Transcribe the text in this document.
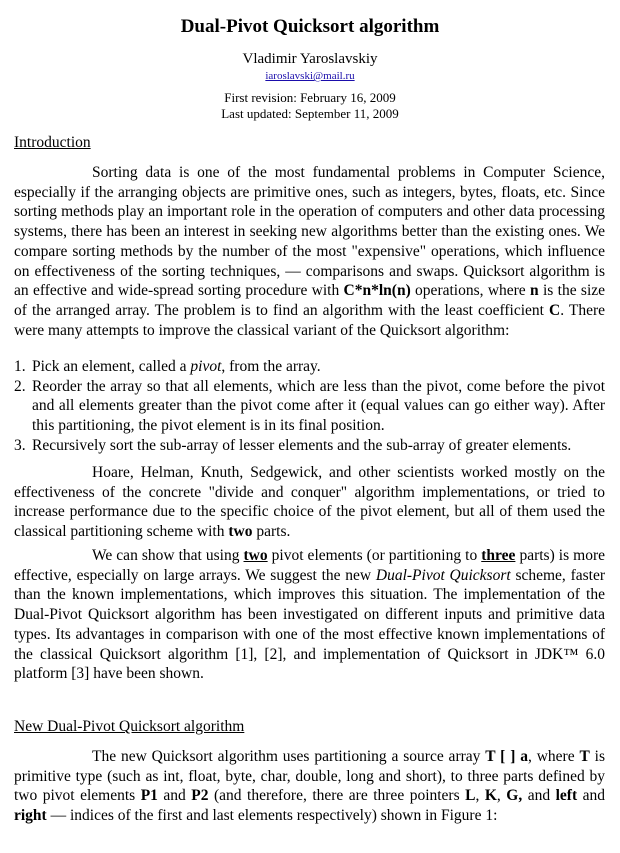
Dual-Pivot Quicksort algorithm
Vladimir Yaroslavskiy
iaroslavski@mail.ru
First revision: February 16, 2009
Last updated: September 11, 2009
Introduction
Sorting data is one of the most fundamental problems in Computer Science, especially if the arranging objects are primitive ones, such as integers, bytes, floats, etc. Since sorting methods play an important role in the operation of computers and other data processing systems, there has been an interest in seeking new algorithms better than the existing ones. We compare sorting methods by the number of the most "expensive" operations, which influence on effectiveness of the sorting techniques, — comparisons and swaps. Quicksort algorithm is an effective and wide-spread sorting procedure with C*n*ln(n) operations, where n is the size of the arranged array. The problem is to find an algorithm with the least coefficient C. There were many attempts to improve the classical variant of the Quicksort algorithm:
1. Pick an element, called a pivot, from the array.
2. Reorder the array so that all elements, which are less than the pivot, come before the pivot and all elements greater than the pivot come after it (equal values can go either way). After this partitioning, the pivot element is in its final position.
3. Recursively sort the sub-array of lesser elements and the sub-array of greater elements.
Hoare, Helman, Knuth, Sedgewick, and other scientists worked mostly on the effectiveness of the concrete "divide and conquer" algorithm implementations, or tried to increase performance due to the specific choice of the pivot element, but all of them used the classical partitioning scheme with two parts.
We can show that using two pivot elements (or partitioning to three parts) is more effective, especially on large arrays. We suggest the new Dual-Pivot Quicksort scheme, faster than the known implementations, which improves this situation. The implementation of the Dual-Pivot Quicksort algorithm has been investigated on different inputs and primitive data types. Its advantages in comparison with one of the most effective known implementations of the classical Quicksort algorithm [1], [2], and implementation of Quicksort in JDK™ 6.0 platform [3] have been shown.
New Dual-Pivot Quicksort algorithm
The new Quicksort algorithm uses partitioning a source array T [ ] a, where T is primitive type (such as int, float, byte, char, double, long and short), to three parts defined by two pivot elements P1 and P2 (and therefore, there are three pointers L, K, G, and left and right — indices of the first and last elements respectively) shown in Figure 1:
